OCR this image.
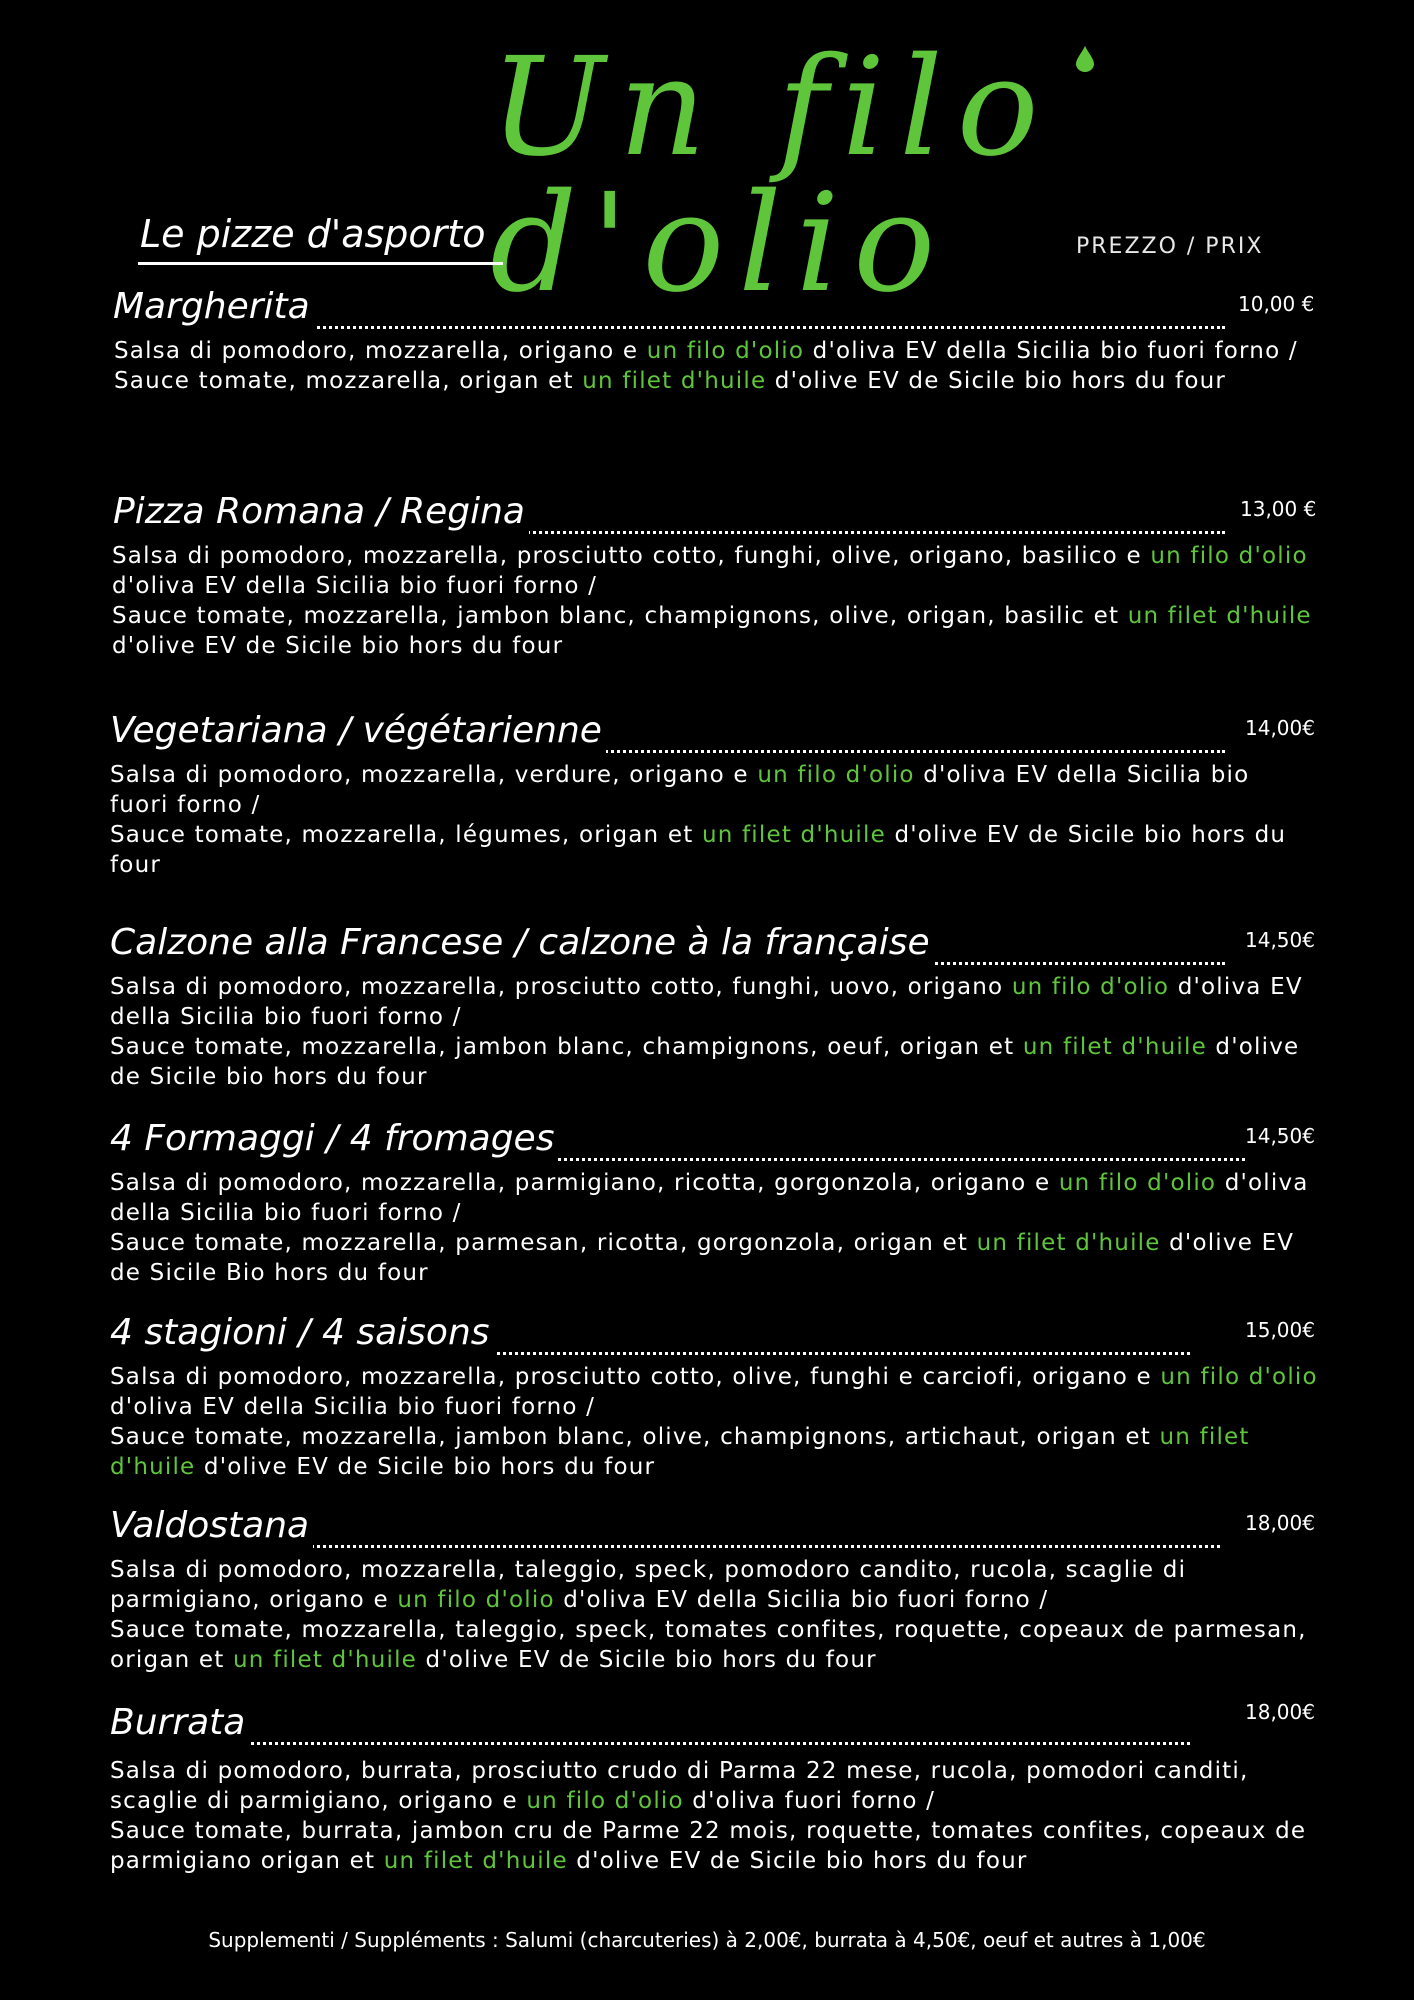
Un filo d'olio
Le pizze d'asporto	PREZZO / PRIX
Margherita	10,00 €
Salsa di pomodoro, mozzarella, origano e un filo d'olio d'oliva EV della Sicilia bio fuori forno /
Sauce tomate, mozzarella, origan et un filet d'huile d'olive EV de Sicile bio hors du four
Pizza Romana / Regina	13,00 €
Salsa di pomodoro, mozzarella, prosciutto cotto, funghi, olive, origano, basilico e un filo d'olio d'oliva EV della Sicilia bio fuori forno /
Sauce tomate, mozzarella, jambon blanc, champignons, olive, origan, basilic et un filet d'huile d'olive EV de Sicile bio hors du four
Vegetariana / végétarienne	14,00€
Salsa di pomodoro, mozzarella, verdure, origano e un filo d'olio d'oliva EV della Sicilia bio fuori forno /
Sauce tomate, mozzarella, légumes, origan et un filet d'huile d'olive EV de Sicile bio hors du four
Calzone alla Francese / calzone à la française	14,50€
Salsa di pomodoro, mozzarella, prosciutto cotto, funghi, uovo, origano un filo d'olio d'oliva EV della Sicilia bio fuori forno /
Sauce tomate, mozzarella, jambon blanc, champignons, oeuf, origan et un filet d'huile d'olive de Sicile bio hors du four
4 Formaggi / 4 fromages	14,50€
Salsa di pomodoro, mozzarella, parmigiano, ricotta, gorgonzola, origano e un filo d'olio d'oliva della Sicilia bio fuori forno /
Sauce tomate, mozzarella, parmesan, ricotta, gorgonzola, origan et un filet d'huile d'olive EV de Sicile Bio hors du four
4 stagioni / 4 saisons	15,00€
Salsa di pomodoro, mozzarella, prosciutto cotto, olive, funghi e carciofi, origano e un filo d'olio d'oliva EV della Sicilia bio fuori forno /
Sauce tomate, mozzarella, jambon blanc, olive, champignons, artichaut, origan et un filet d'huile d'olive EV de Sicile bio hors du four
Valdostana	18,00€
Salsa di pomodoro, mozzarella, taleggio, speck, pomodoro candito, rucola, scaglie di parmigiano, origano e un filo d'olio d'oliva EV della Sicilia bio fuori forno /
Sauce tomate, mozzarella, taleggio, speck, tomates confites, roquette, copeaux de parmesan, origan et un filet d'huile d'olive EV de Sicile bio hors du four
Burrata	18,00€
Salsa di pomodoro, burrata, prosciutto crudo di Parma 22 mese, rucola, pomodori canditi, scaglie di parmigiano, origano e un filo d'olio d'oliva fuori forno /
Sauce tomate, burrata, jambon cru de Parme 22 mois, roquette, tomates confites, copeaux de parmigiano origan et un filet d'huile d'olive EV de Sicile bio hors du four
Supplementi / Suppléments : Salumi (charcuteries) à 2,00€, burrata à 4,50€, oeuf et autres à 1,00€
